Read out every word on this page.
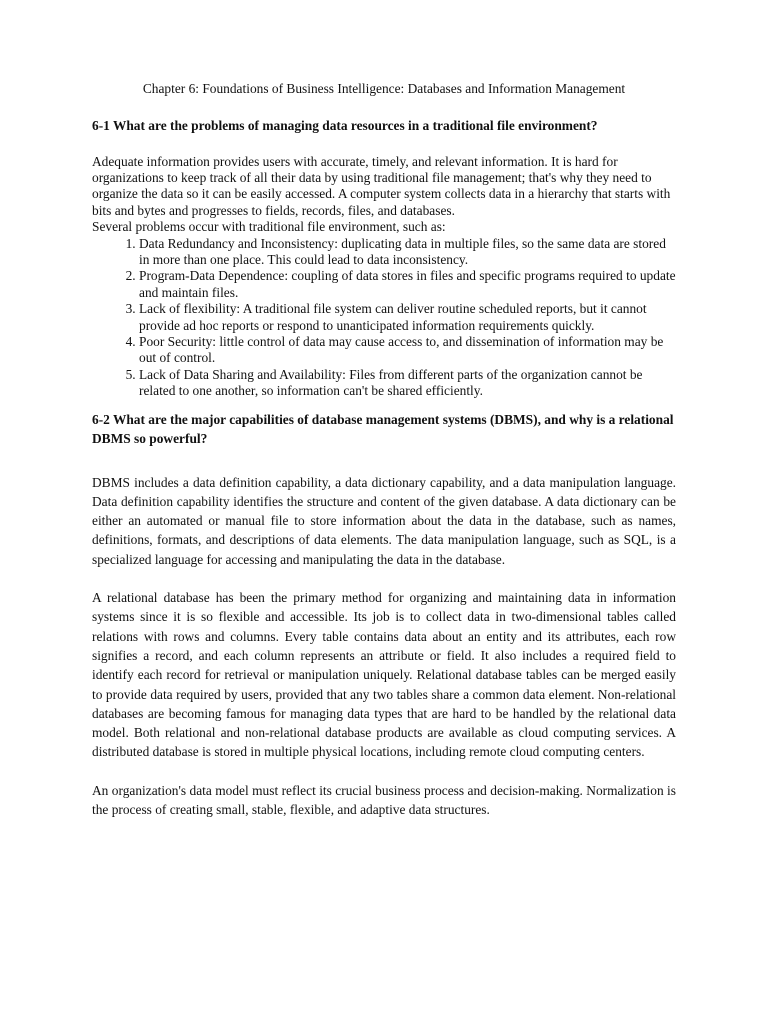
Chapter 6: Foundations of Business Intelligence: Databases and Information Management

6-1 What are the problems of managing data resources in a traditional file environment?

Adequate information provides users with accurate, timely, and relevant information. It is hard for organizations to keep track of all their data by using traditional file management; that's why they need to organize the data so it can be easily accessed. A computer system collects data in a hierarchy that starts with bits and bytes and progresses to fields, records, files, and databases.

Several problems occur with traditional file environment, such as:

1. Data Redundancy and Inconsistency: duplicating data in multiple files, so the same data are stored in more than one place. This could lead to data inconsistency.
2. Program-Data Dependence: coupling of data stores in files and specific programs required to update and maintain files.
3. Lack of flexibility: A traditional file system can deliver routine scheduled reports, but it cannot provide ad hoc reports or respond to unanticipated information requirements quickly.
4. Poor Security: little control of data may cause access to, and dissemination of information may be out of control.
5. Lack of Data Sharing and Availability: Files from different parts of the organization cannot be related to one another, so information can't be shared efficiently.

6-2 What are the major capabilities of database management systems (DBMS), and why is a relational DBMS so powerful?

DBMS includes a data definition capability, a data dictionary capability, and a data manipulation language. Data definition capability identifies the structure and content of the given database. A data dictionary can be either an automated or manual file to store information about the data in the database, such as names, definitions, formats, and descriptions of data elements. The data manipulation language, such as SQL, is a specialized language for accessing and manipulating the data in the database.

A relational database has been the primary method for organizing and maintaining data in information systems since it is so flexible and accessible. Its job is to collect data in two-dimensional tables called relations with rows and columns. Every table contains data about an entity and its attributes, each row signifies a record, and each column represents an attribute or field. It also includes a required field to identify each record for retrieval or manipulation uniquely. Relational database tables can be merged easily to provide data required by users, provided that any two tables share a common data element. Non-relational databases are becoming famous for managing data types that are hard to be handled by the relational data model. Both relational and non-relational database products are available as cloud computing services. A distributed database is stored in multiple physical locations, including remote cloud computing centers.

An organization's data model must reflect its crucial business process and decision-making. Normalization is the process of creating small, stable, flexible, and adaptive data structures.
